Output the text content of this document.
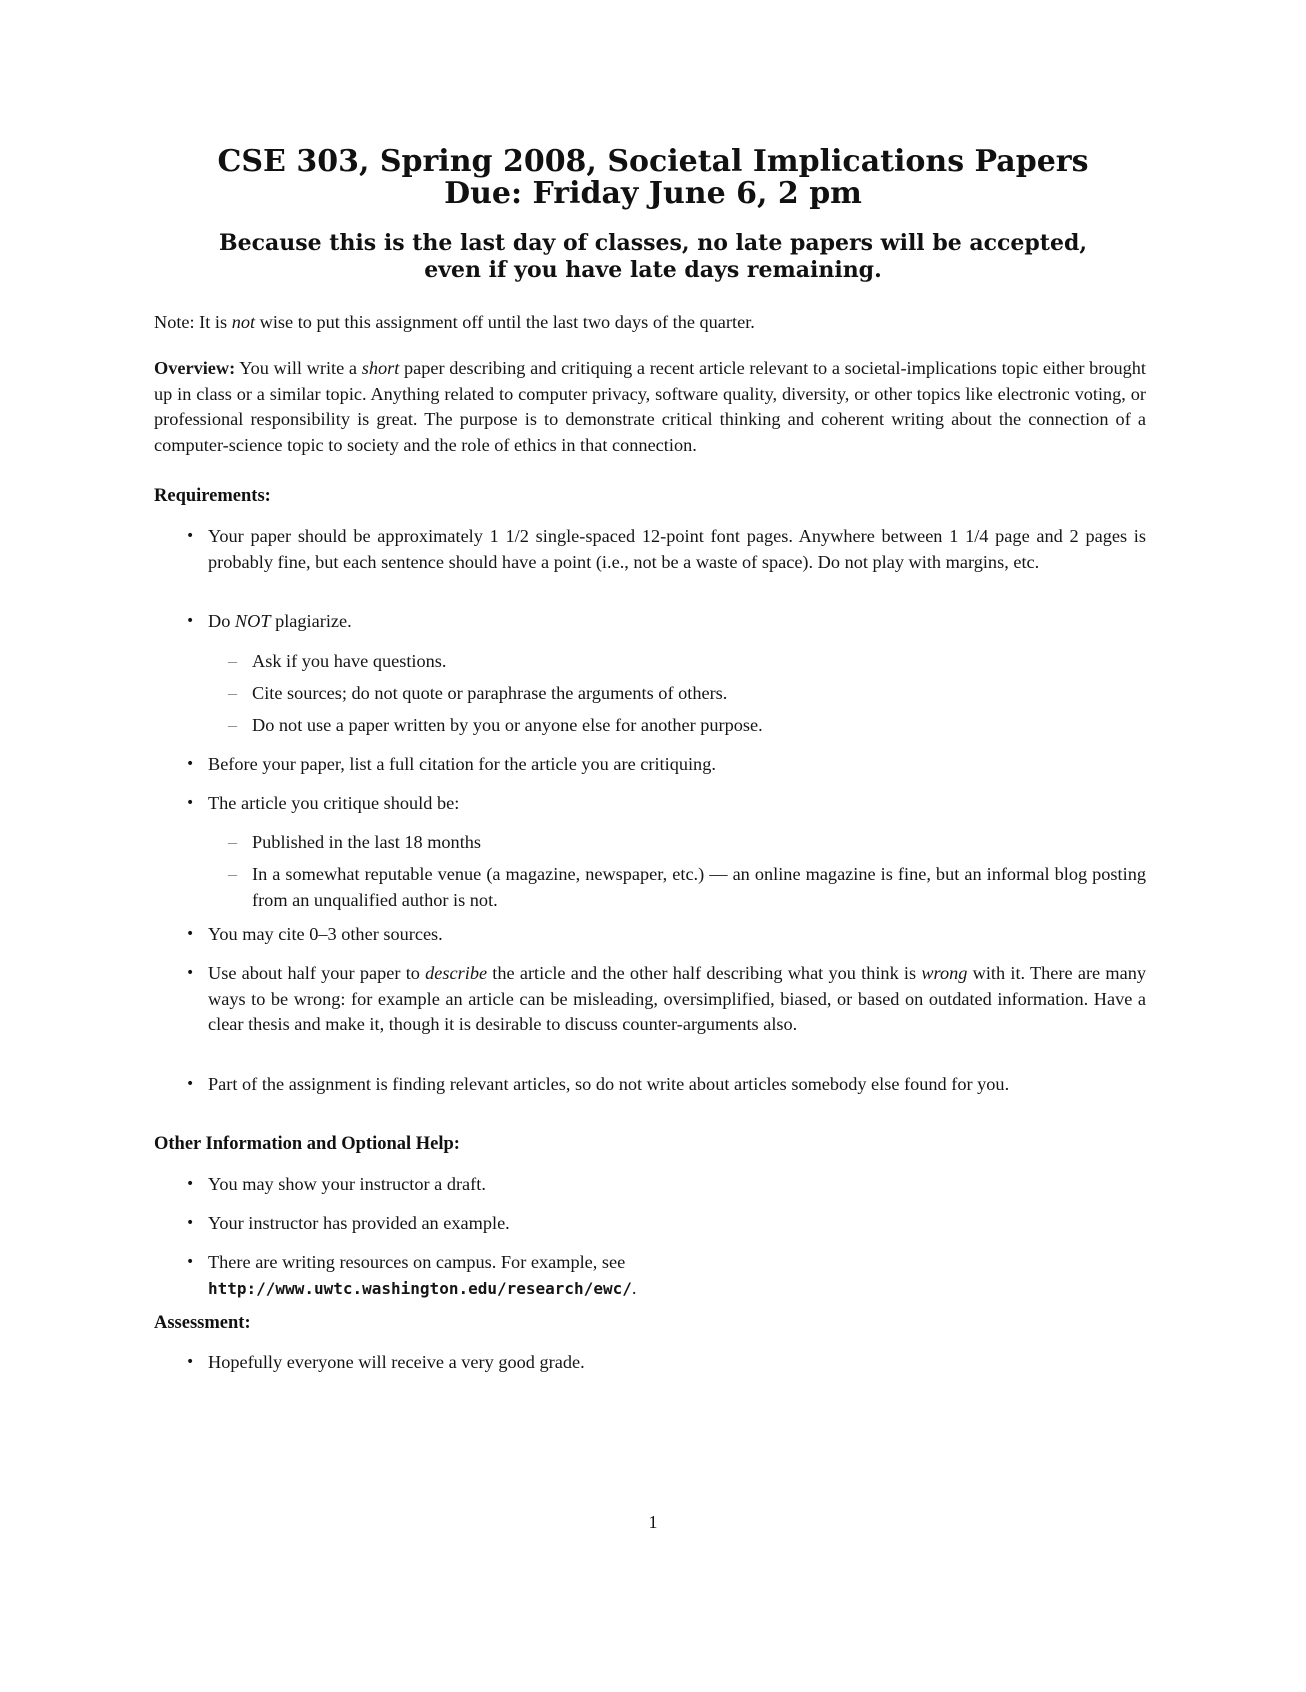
CSE 303, Spring 2008, Societal Implications Papers
Due: Friday June 6, 2 pm
Because this is the last day of classes, no late papers will be accepted,
even if you have late days remaining.
Note: It is not wise to put this assignment off until the last two days of the quarter.
Overview: You will write a short paper describing and critiquing a recent article relevant to a societal-implications topic either brought up in class or a similar topic. Anything related to computer privacy, software quality, diversity, or other topics like electronic voting, or professional responsibility is great. The purpose is to demonstrate critical thinking and coherent writing about the connection of a computer-science topic to society and the role of ethics in that connection.
Requirements:
• Your paper should be approximately 1 1/2 single-spaced 12-point font pages. Anywhere between 1 1/4 page and 2 pages is probably fine, but each sentence should have a point (i.e., not be a waste of space). Do not play with margins, etc.
• Do NOT plagiarize.
– Ask if you have questions.
– Cite sources; do not quote or paraphrase the arguments of others.
– Do not use a paper written by you or anyone else for another purpose.
• Before your paper, list a full citation for the article you are critiquing.
• The article you critique should be:
– Published in the last 18 months
– In a somewhat reputable venue (a magazine, newspaper, etc.) — an online magazine is fine, but an informal blog posting from an unqualified author is not.
• You may cite 0–3 other sources.
• Use about half your paper to describe the article and the other half describing what you think is wrong with it. There are many ways to be wrong: for example an article can be misleading, oversimplified, biased, or based on outdated information. Have a clear thesis and make it, though it is desirable to discuss counter-arguments also.
• Part of the assignment is finding relevant articles, so do not write about articles somebody else found for you.
Other Information and Optional Help:
• You may show your instructor a draft.
• Your instructor has provided an example.
• There are writing resources on campus. For example, see
http://www.uwtc.washington.edu/research/ewc/.
Assessment:
• Hopefully everyone will receive a very good grade.
1
